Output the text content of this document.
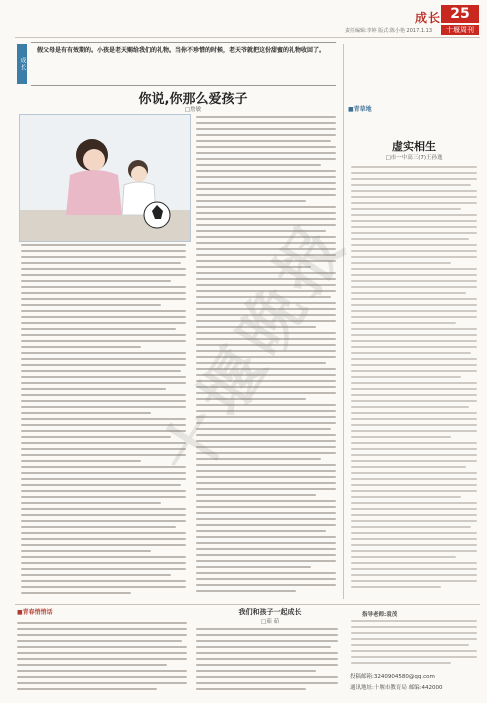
成长 25
十堰周刊
责任编辑:李婷 版式:陈小艳 2017.1.13
成长
假父母是有有效期的。小孩是老天赐给我们的礼物。当你不珍惜的时候，老天爷就把这份甜蜜的礼物收回了。
你说,你那么爱孩子
□詹敏	■青草地
虚实相生
□市一中高三(7)王孙逸
■青春悄悄话	我们和孩子一起成长
□茹 茹
指导老师:袁茂
投稿邮箱:3240904580@qq.com
通讯地址:十堰市教育局 邮编:442000
十堰晚报
